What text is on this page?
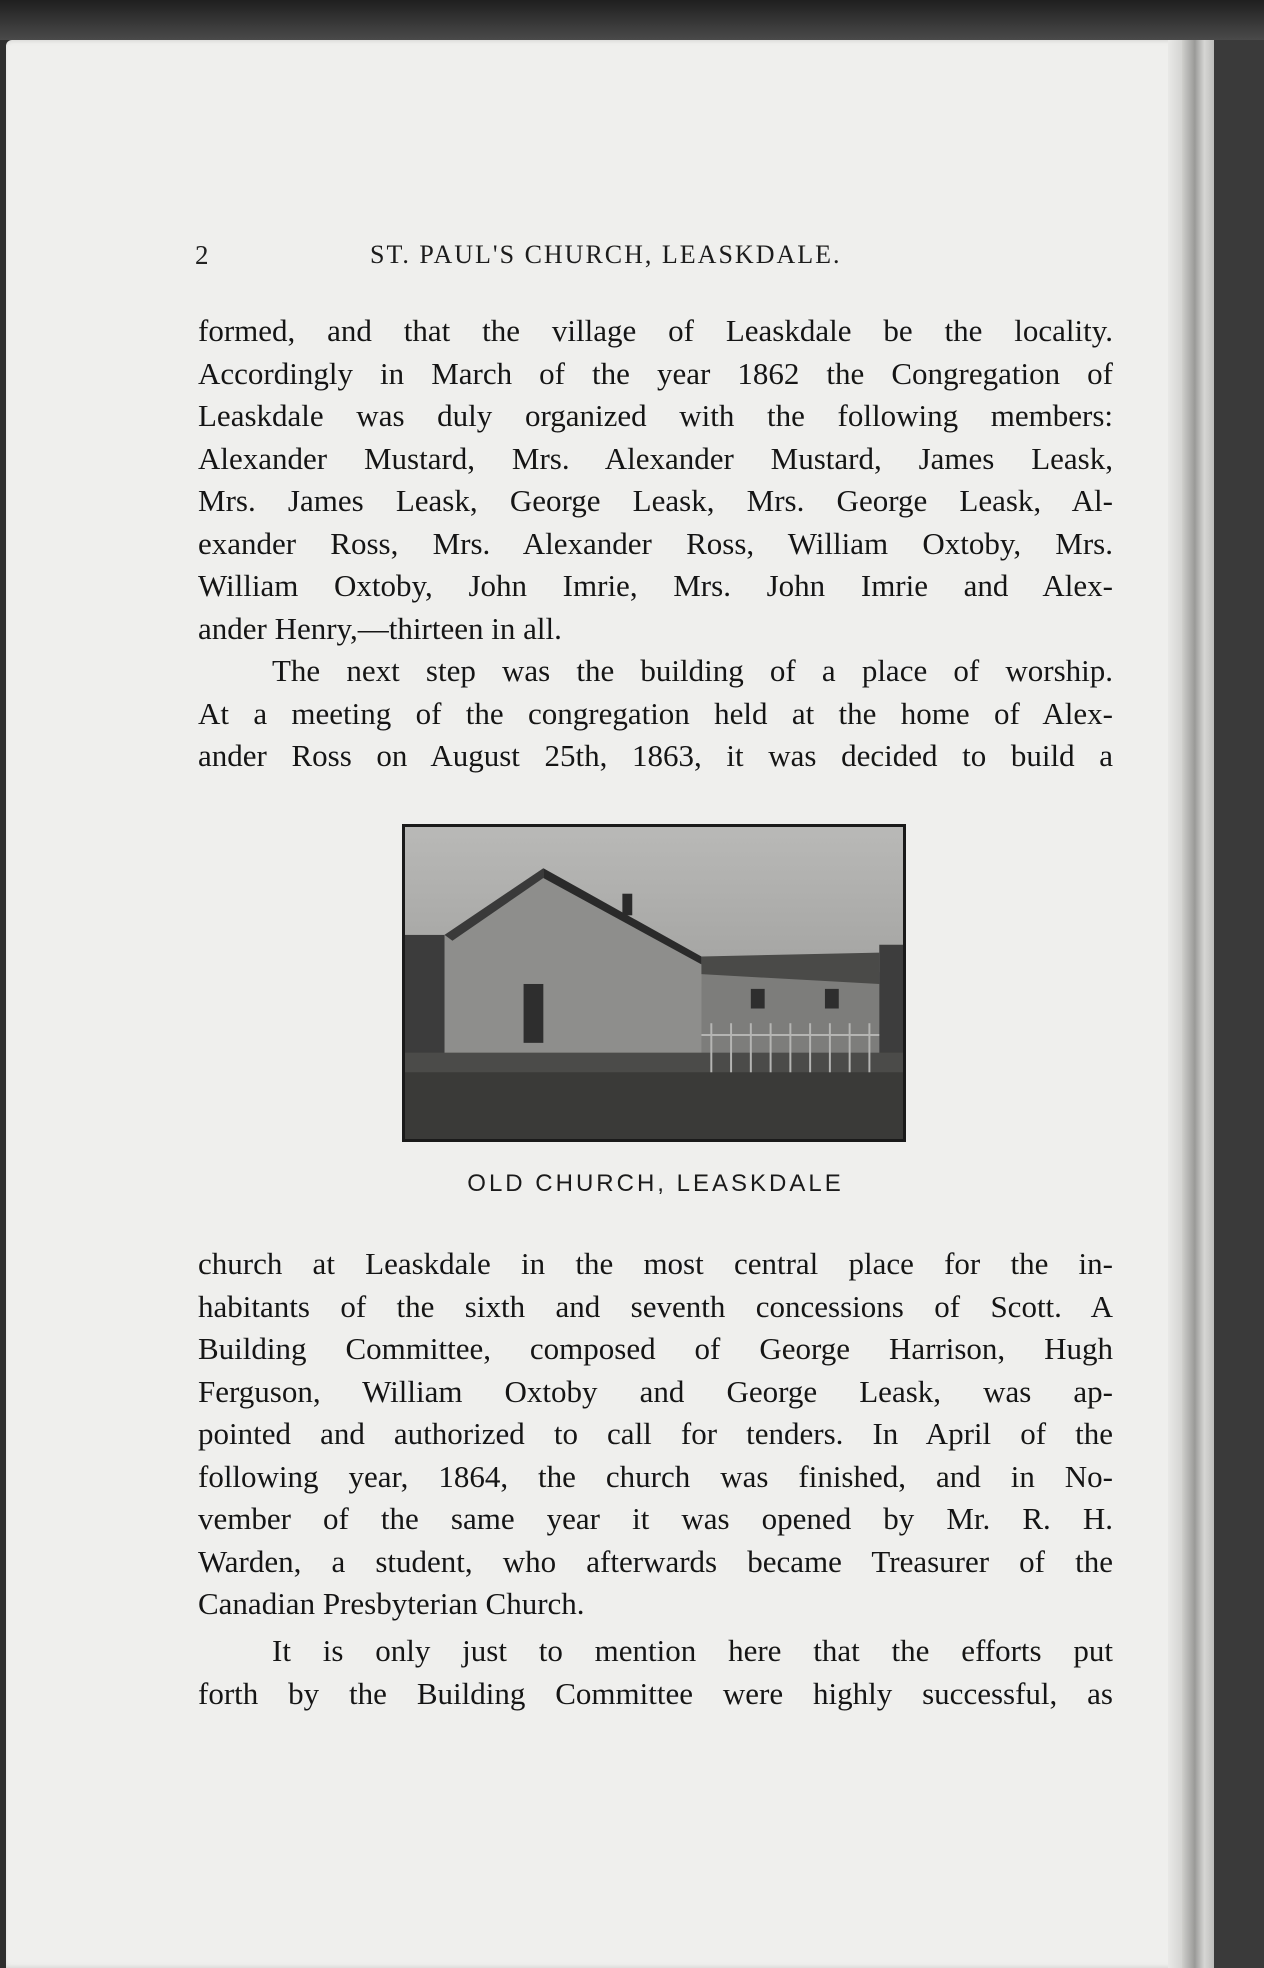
2	ST. PAUL'S CHURCH, LEASKDALE.
formed, and that the village of Leaskdale be the locality.
Accordingly in March of the year 1862 the Congregation of
Leaskdale was duly organized with the following members:
Alexander Mustard, Mrs. Alexander Mustard, James Leask,
Mrs. James Leask, George Leask, Mrs. George Leask, Al-
exander Ross, Mrs. Alexander Ross, William Oxtoby, Mrs.
William Oxtoby, John Imrie, Mrs. John Imrie and Alex-
ander Henry,—thirteen in all.
The next step was the building of a place of worship.
At a meeting of the congregation held at the home of Alex-
ander Ross on August 25th, 1863, it was decided to build a
OLD CHURCH, LEASKDALE
church at Leaskdale in the most central place for the in-
habitants of the sixth and seventh concessions of Scott. A
Building Committee, composed of George Harrison, Hugh
Ferguson, William Oxtoby and George Leask, was ap-
pointed and authorized to call for tenders. In April of the
following year, 1864, the church was finished, and in No-
vember of the same year it was opened by Mr. R. H.
Warden, a student, who afterwards became Treasurer of the
Canadian Presbyterian Church.
It is only just to mention here that the efforts put
forth by the Building Committee were highly successful, as
